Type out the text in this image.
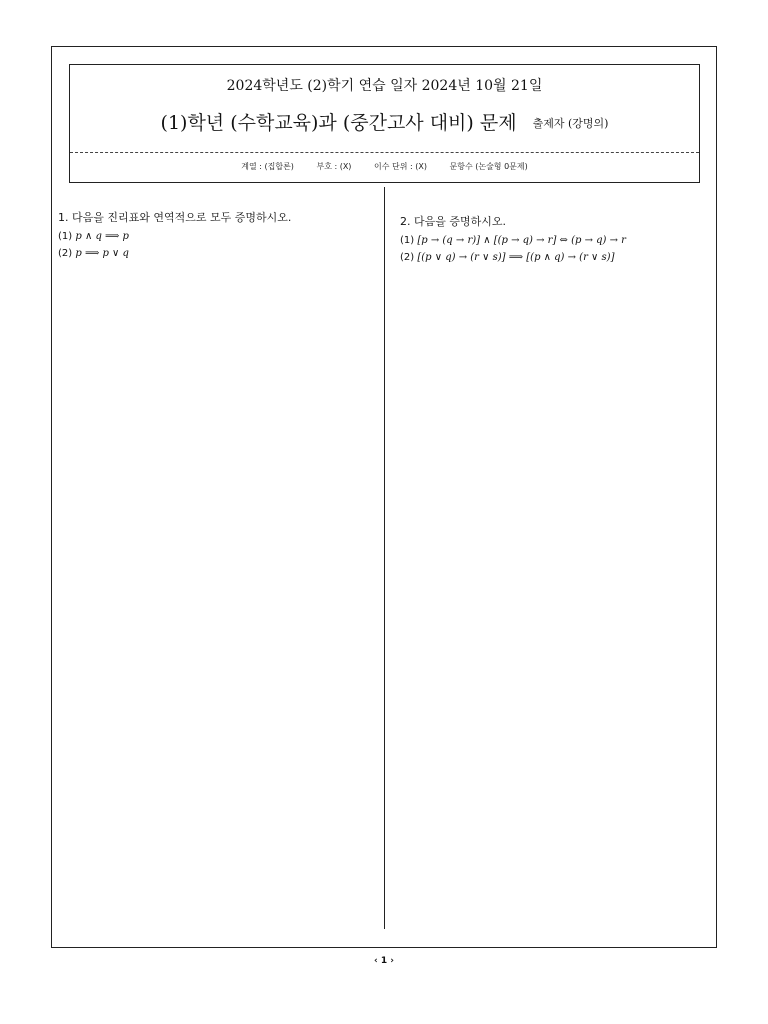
2024학년도 (2)학기 연습 일자 2024년 10월 21일
(1)학년 (수학교육)과 (중간고사 대비) 문제 출제자 (강명의)
계열 : (집합론)	부호 : (X)	이수 단위 : (X)	문항수 (논술형 0문제)
1. 다음을 진리표와 연역적으로 모두 증명하시오.
(1) p ∧ q ⟹ p
(2) p ⟹ p ∨ q
2. 다음을 증명하시오.
(1) [p → (q → r)] ∧ [(p → q) → r] ⇔ (p → q) → r
(2) [(p ∨ q) → (r ∨ s)] ⟹ [(p ∧ q) → (r ∨ s)]
‹ 1 ›
